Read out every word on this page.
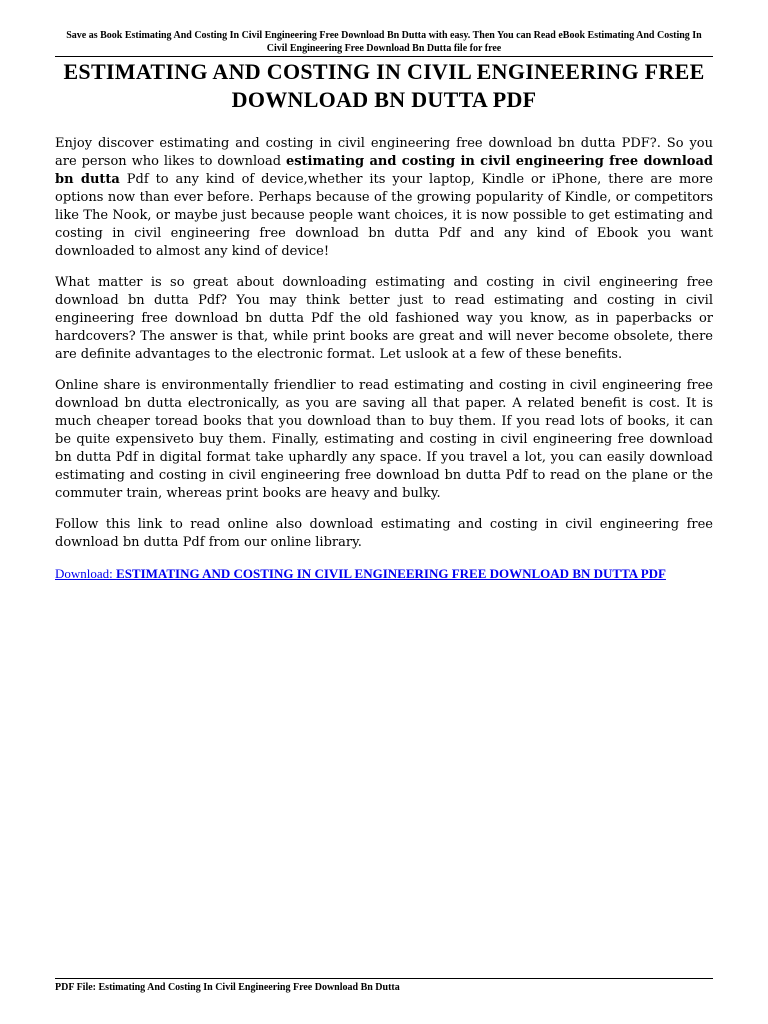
Save as Book Estimating And Costing In Civil Engineering Free Download Bn Dutta with easy. Then You can Read eBook Estimating And Costing In Civil Engineering Free Download Bn Dutta file for free
ESTIMATING AND COSTING IN CIVIL ENGINEERING FREE DOWNLOAD BN DUTTA PDF

Enjoy discover estimating and costing in civil engineering free download bn dutta PDF?. So you are person who likes to download estimating and costing in civil engineering free download bn dutta Pdf to any kind of device,whether its your laptop, Kindle or iPhone, there are more options now than ever before. Perhaps because of the growing popularity of Kindle, or competitors like The Nook, or maybe just because people want choices, it is now possible to get estimating and costing in civil engineering free download bn dutta Pdf and any kind of Ebook you want downloaded to almost any kind of device!

What matter is so great about downloading estimating and costing in civil engineering free download bn dutta Pdf? You may think better just to read estimating and costing in civil engineering free download bn dutta Pdf the old fashioned way you know, as in paperbacks or hardcovers? The answer is that, while print books are great and will never become obsolete, there are definite advantages to the electronic format. Let uslook at a few of these benefits.

Online share is environmentally friendlier to read estimating and costing in civil engineering free download bn dutta electronically, as you are saving all that paper. A related benefit is cost. It is much cheaper toread books that you download than to buy them. If you read lots of books, it can be quite expensiveto buy them. Finally, estimating and costing in civil engineering free download bn dutta Pdf in digital format take uphardly any space. If you travel a lot, you can easily download estimating and costing in civil engineering free download bn dutta Pdf to read on the plane or the commuter train, whereas print books are heavy and bulky.

Follow this link to read online also download estimating and costing in civil engineering free download bn dutta Pdf from our online library.

Download: ESTIMATING AND COSTING IN CIVIL ENGINEERING FREE DOWNLOAD BN DUTTA PDF

PDF File: Estimating And Costing In Civil Engineering Free Download Bn Dutta
